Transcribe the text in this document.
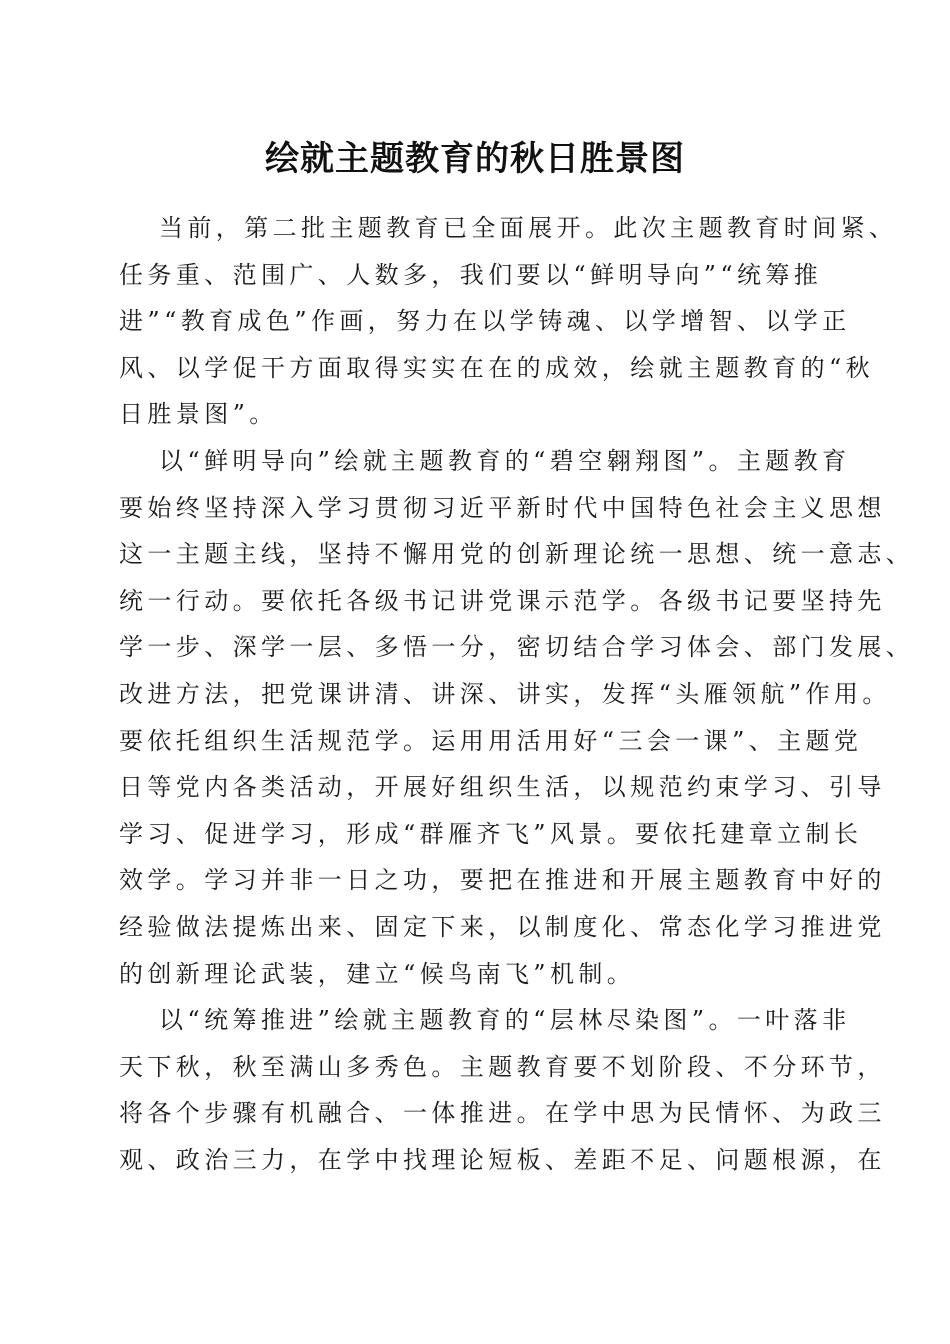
绘就主题教育的秋日胜景图

当前，第二批主题教育已全面展开。此次主题教育时间紧、

任务重、范围广、人数多，我们要以“鲜明导向”“统筹推

进”“教育成色”作画，努力在以学铸魂、以学增智、以学正

风、以学促干方面取得实实在在的成效，绘就主题教育的“秋

日胜景图”。

以“鲜明导向”绘就主题教育的“碧空翱翔图”。主题教育

要始终坚持深入学习贯彻习近平新时代中国特色社会主义思想

这一主题主线，坚持不懈用党的创新理论统一思想、统一意志、

统一行动。要依托各级书记讲党课示范学。各级书记要坚持先

学一步、深学一层、多悟一分，密切结合学习体会、部门发展、

改进方法，把党课讲清、讲深、讲实，发挥“头雁领航”作用。

要依托组织生活规范学。运用用活用好“三会一课”、主题党

日等党内各类活动，开展好组织生活，以规范约束学习、引导

学习、促进学习，形成“群雁齐飞”风景。要依托建章立制长

效学。学习并非一日之功，要把在推进和开展主题教育中好的

经验做法提炼出来、固定下来，以制度化、常态化学习推进党

的创新理论武装，建立“候鸟南飞”机制。

以“统筹推进”绘就主题教育的“层林尽染图”。一叶落非

天下秋，秋至满山多秀色。主题教育要不划阶段、不分环节，

将各个步骤有机融合、一体推进。在学中思为民情怀、为政三

观、政治三力，在学中找理论短板、差距不足、问题根源，在
